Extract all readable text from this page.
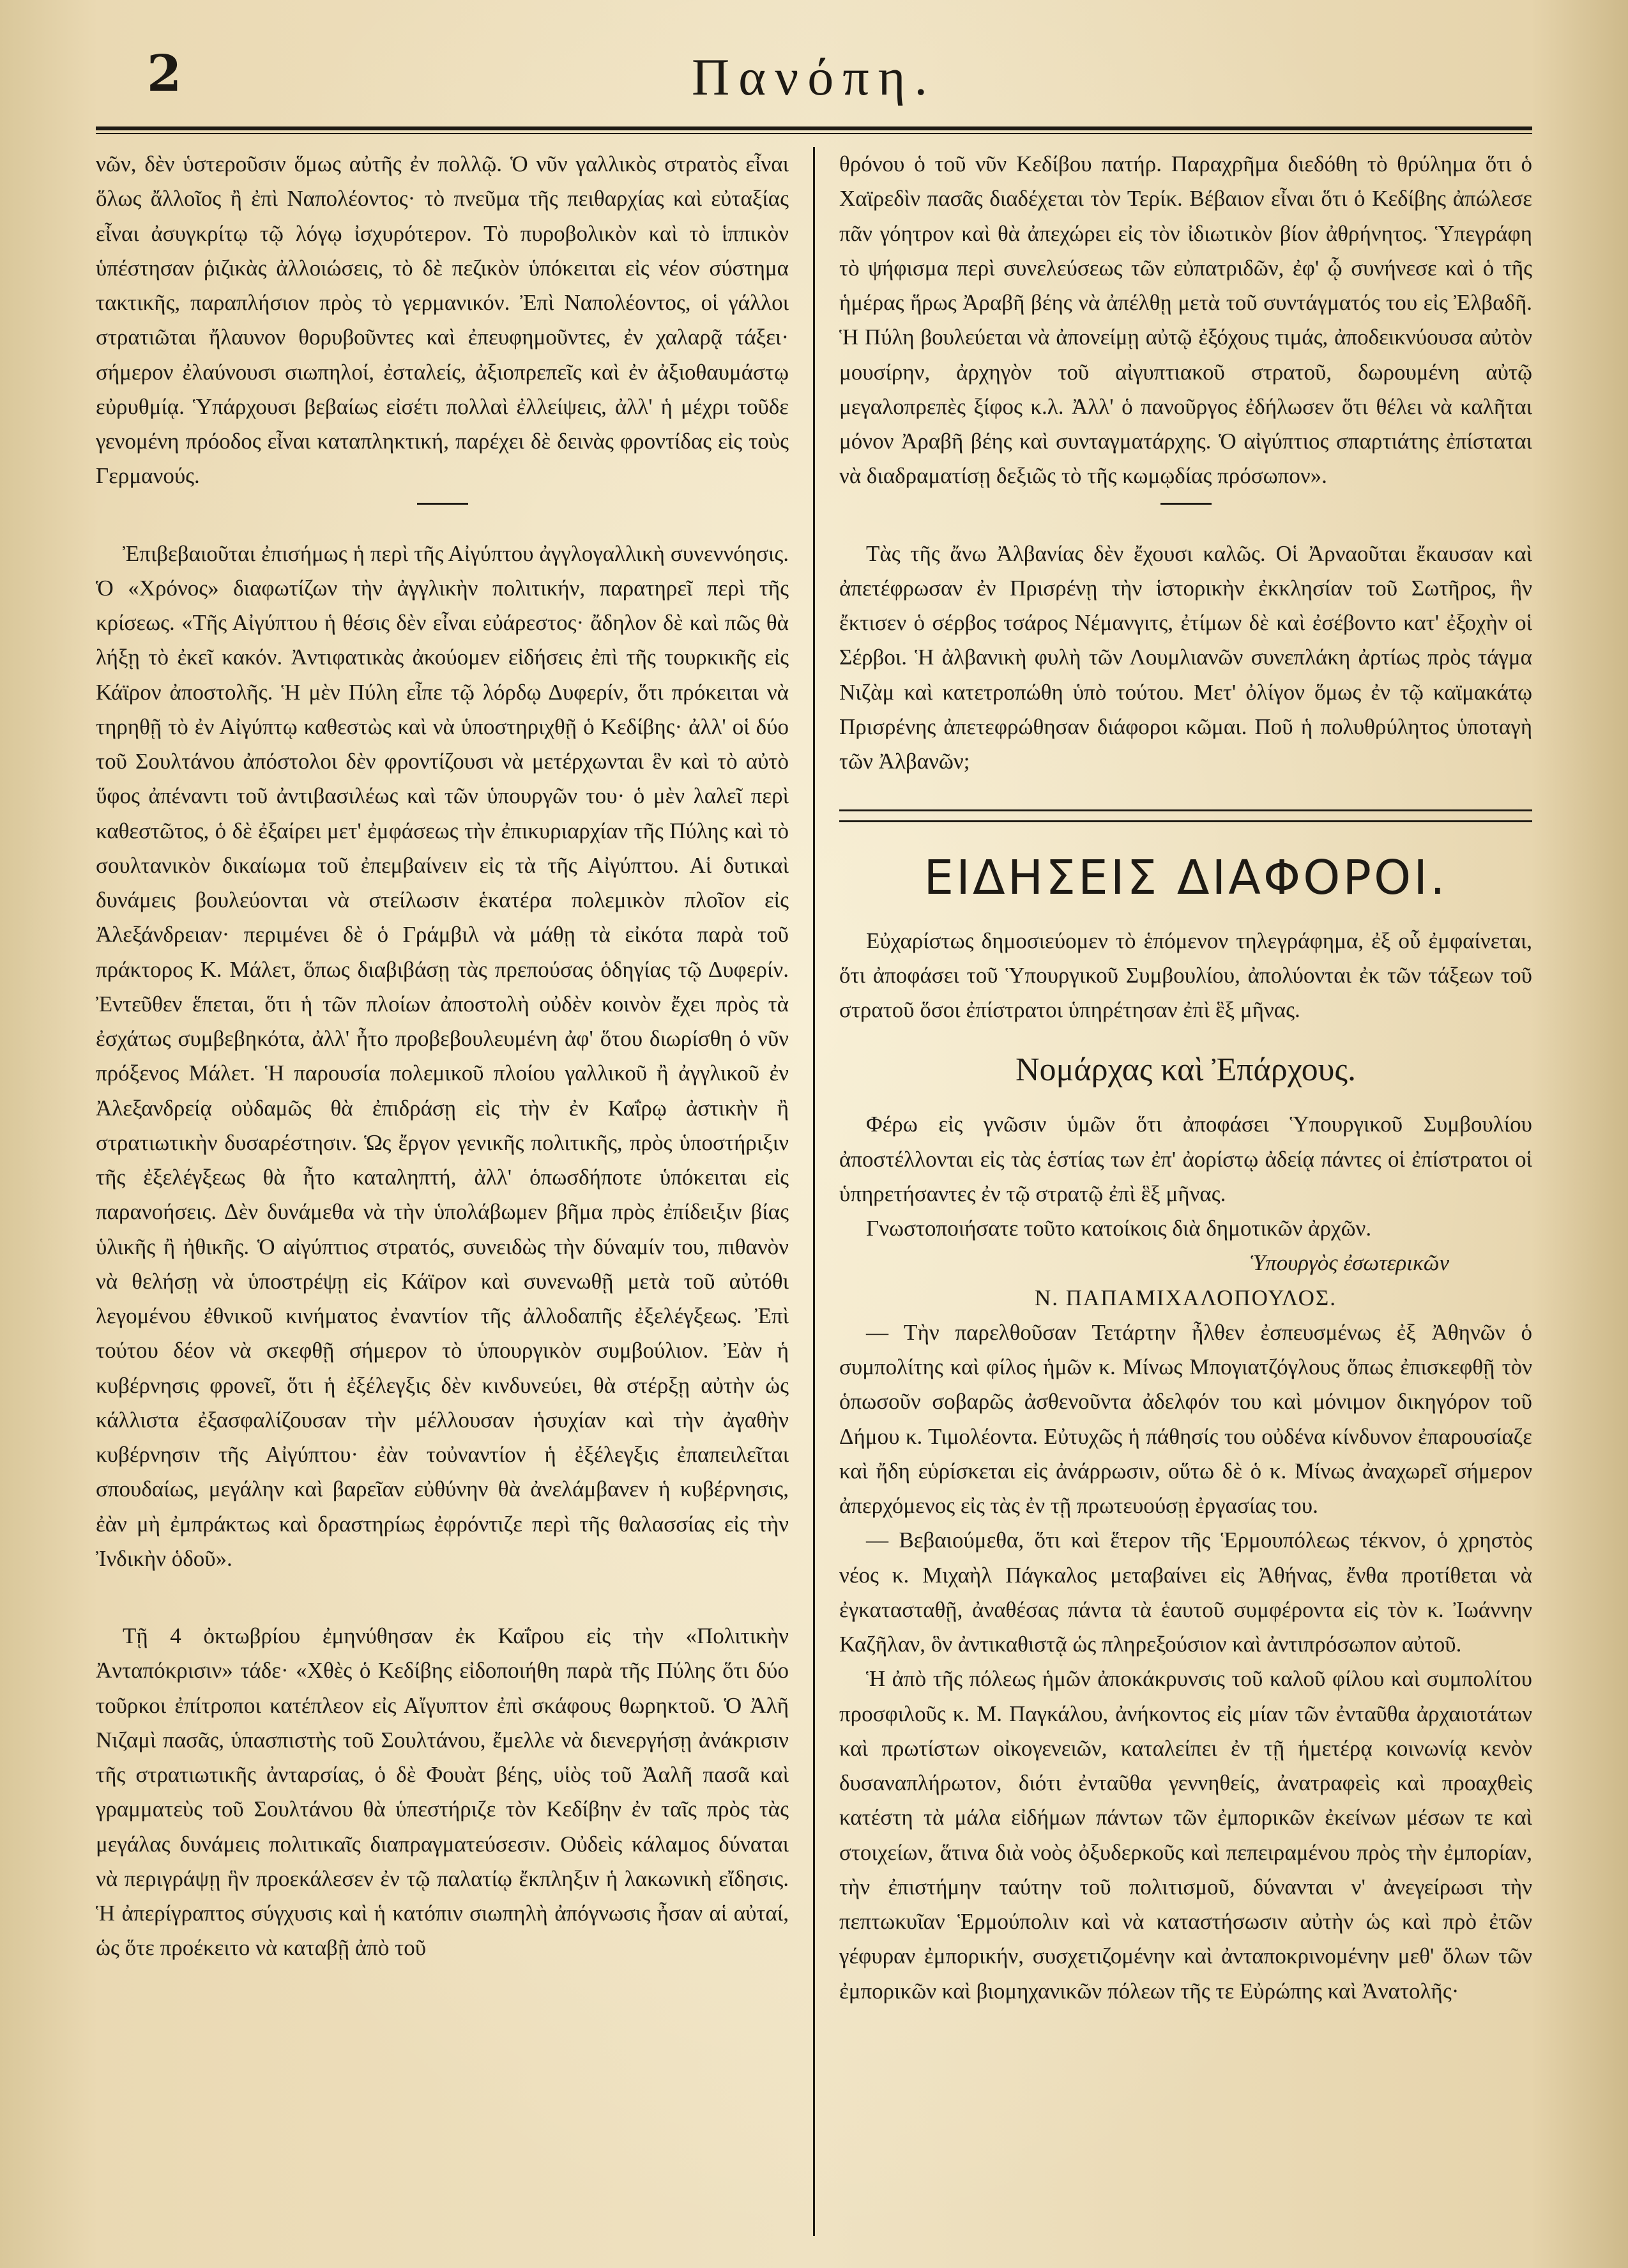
2	Πανόπη.

νῶν, δὲν ὑστεροῦσιν ὅμως αὐτῆς ἐν πολλῷ. Ὁ νῦν γαλλικὸς στρατὸς εἶναι ὅλως ἄλλοῖος ἢ ἐπὶ Ναπολέοντος· τὸ πνεῦμα τῆς πειθαρχίας καὶ εὐταξίας εἶναι ἀσυγκρίτῳ τῷ λόγῳ ἰσχυρότερον. Τὸ πυροβολικὸν καὶ τὸ ἱππικὸν ὑπέστησαν ῥιζικὰς ἀλλοιώσεις, τὸ δὲ πεζικὸν ὑπόκειται εἰς νέον σύστημα τακτικῆς, παραπλήσιον πρὸς τὸ γερμανικόν. Ἐπὶ Ναπολέοντος, οἱ γάλλοι στρατιῶται ἤλαυνον θορυβοῦντες καὶ ἐπευφημοῦντες, ἐν χαλαρᾷ τάξει· σήμερον ἐλαύνουσι σιωπηλοί, ἐσταλείς, ἀξιοπρεπεῖς καὶ ἐν ἀξιοθαυμάστῳ εὐρυθμίᾳ. Ὑπάρχουσι βεβαίως εἰσέτι πολλαὶ ἐλλείψεις, ἀλλ' ἡ μέχρι τοῦδε γενομένη πρόοδος εἶναι καταπληκτική, παρέχει δὲ δεινὰς φροντίδας εἰς τοὺς Γερμανούς.

Ἐπιβεβαιοῦται ἐπισήμως ἡ περὶ τῆς Αἰγύπτου ἀγγλογαλλικὴ συνεννόησις. Ὁ «Χρόνος» διαφωτίζων τὴν ἀγγλικὴν πολιτικήν, παρατηρεῖ περὶ τῆς κρίσεως. «Τῆς Αἰγύπτου ἡ θέσις δὲν εἶναι εὐάρεστος· ἄδηλον δὲ καὶ πῶς θὰ λήξῃ τὸ ἐκεῖ κακόν. Ἀντιφατικὰς ἀκούομεν εἰδήσεις ἐπὶ τῆς τουρκικῆς εἰς Κάϊρον ἀποστολῆς. Ἡ μὲν Πύλη εἶπε τῷ λόρδῳ Δυφερίν, ὅτι πρόκειται νὰ τηρηθῇ τὸ ἐν Αἰγύπτῳ καθεστὼς καὶ νὰ ὑποστηριχθῇ ὁ Κεδίβης· ἀλλ' οἱ δύο τοῦ Σουλτάνου ἀπόστολοι δὲν φροντίζουσι νὰ μετέρχωνται ἓν καὶ τὸ αὐτὸ ὕφος ἀπέναντι τοῦ ἀντιβασιλέως καὶ τῶν ὑπουργῶν του· ὁ μὲν λαλεῖ περὶ καθεστῶτος, ὁ δὲ ἐξαίρει μετ' ἐμφάσεως τὴν ἐπικυριαρχίαν τῆς Πύλης καὶ τὸ σουλτανικὸν δικαίωμα τοῦ ἐπεμβαίνειν εἰς τὰ τῆς Αἰγύπτου. Αἱ δυτικαὶ δυνάμεις βουλεύονται νὰ στείλωσιν ἑκατέρα πολεμικὸν πλοῖον εἰς Ἀλεξάνδρειαν· περιμένει δὲ ὁ Γράμβιλ νὰ μάθῃ τὰ εἰκότα παρὰ τοῦ πράκτορος Κ. Μάλετ, ὅπως διαβιβάσῃ τὰς πρεπούσας ὁδηγίας τῷ Δυφερίν. Ἐντεῦθεν ἕπεται, ὅτι ἡ τῶν πλοίων ἀποστολὴ οὐδὲν κοινὸν ἔχει πρὸς τὰ ἐσχάτως συμβεβηκότα, ἀλλ' ἦτο προβεβουλευμένη ἀφ' ὅτου διωρίσθη ὁ νῦν πρόξενος Μάλετ. Ἡ παρουσία πολεμικοῦ πλοίου γαλλικοῦ ἢ ἀγγλικοῦ ἐν Ἀλεξανδρείᾳ οὐδαμῶς θὰ ἐπιδράσῃ εἰς τὴν ἐν Καΐρῳ ἀστικὴν ἢ στρατιωτικὴν δυσαρέστησιν. Ὡς ἔργον γενικῆς πολιτικῆς, πρὸς ὑποστήριξιν τῆς ἐξελέγξεως θὰ ἦτο καταληπτή, ἀλλ' ὁπωσδήποτε ὑπόκειται εἰς παρανοήσεις. Δὲν δυνάμεθα νὰ τὴν ὑπολάβωμεν βῆμα πρὸς ἐπίδειξιν βίας ὑλικῆς ἢ ἠθικῆς. Ὁ αἰγύπτιος στρατός, συνειδὼς τὴν δύναμίν του, πιθανὸν νὰ θελήσῃ νὰ ὑποστρέψῃ εἰς Κάϊρον καὶ συνενωθῇ μετὰ τοῦ αὐτόθι λεγομένου ἐθνικοῦ κινήματος ἐναντίον τῆς ἀλλοδαπῆς ἐξελέγξεως. Ἐπὶ τούτου δέον νὰ σκεφθῇ σήμερον τὸ ὑπουργικὸν συμβούλιον. Ἐὰν ἡ κυβέρνησις φρονεῖ, ὅτι ἡ ἐξέλεγξις δὲν κινδυνεύει, θὰ στέρξῃ αὐτὴν ὡς κάλλιστα ἐξασφαλίζουσαν τὴν μέλλουσαν ἡσυχίαν καὶ τὴν ἀγαθὴν κυβέρνησιν τῆς Αἰγύπτου· ἐὰν τοὐναντίον ἡ ἐξέλεγξις ἐπαπειλεῖται σπουδαίως, μεγάλην καὶ βαρεῖαν εὐθύνην θὰ ἀνελάμβανεν ἡ κυβέρνησις, ἐὰν μὴ ἐμπράκτως καὶ δραστηρίως ἐφρόντιζε περὶ τῆς θαλασσίας εἰς τὴν Ἰνδικὴν ὁδοῦ».

Τῇ 4 ὀκτωβρίου ἐμηνύθησαν ἐκ Καΐρου εἰς τὴν «Πολιτικὴν Ἀνταπόκρισιν» τάδε· «Χθὲς ὁ Κεδίβης εἰδοποιήθη παρὰ τῆς Πύλης ὅτι δύο τοῦρκοι ἐπίτροποι κατέπλεον εἰς Αἴγυπτον ἐπὶ σκάφους θωρηκτοῦ. Ὁ Ἀλῆ Νιζαμὶ πασᾶς, ὑπασπιστὴς τοῦ Σουλτάνου, ἔμελλε νὰ διενεργήσῃ ἀνάκρισιν τῆς στρατιωτικῆς ἀνταρσίας, ὁ δὲ Φουὰτ βέης, υἱὸς τοῦ Ἀαλῆ πασᾶ καὶ γραμματεὺς τοῦ Σουλτάνου θὰ ὑπεστήριζε τὸν Κεδίβην ἐν ταῖς πρὸς τὰς μεγάλας δυνάμεις πολιτικαῖς διαπραγματεύσεσιν. Οὐδεὶς κάλαμος δύναται νὰ περιγράψῃ ἣν προεκάλεσεν ἐν τῷ παλατίῳ ἔκπληξιν ἡ λακωνικὴ εἴδησις. Ἡ ἀπερίγραπτος σύγχυσις καὶ ἡ κατόπιν σιωπηλὴ ἀπόγνωσις ἦσαν αἱ αὐταί, ὡς ὅτε προέκειτο νὰ καταβῇ ἀπὸ τοῦ

θρόνου ὁ τοῦ νῦν Κεδίβου πατήρ. Παραχρῆμα διεδόθη τὸ θρύλημα ὅτι ὁ Χαϊρεδὶν πασᾶς διαδέχεται τὸν Τερίκ. Βέβαιον εἶναι ὅτι ὁ Κεδίβης ἀπώλεσε πᾶν γόητρον καὶ θὰ ἀπεχώρει εἰς τὸν ἰδιωτικὸν βίον ἀθρήνητος. Ὑπεγράφη τὸ ψήφισμα περὶ συνελεύσεως τῶν εὐπατριδῶν, ἐφ' ᾧ συνήνεσε καὶ ὁ τῆς ἡμέρας ἥρως Ἀραβῆ βέης νὰ ἀπέλθῃ μετὰ τοῦ συντάγματός του εἰς Ἐλβαδῆ. Ἡ Πύλη βουλεύεται νὰ ἀπονείμῃ αὐτῷ ἐξόχους τιμάς, ἀποδεικνύουσα αὐτὸν μουσίρην, ἀρχηγὸν τοῦ αἰγυπτιακοῦ στρατοῦ, δωρουμένη αὐτῷ μεγαλοπρεπὲς ξίφος κ.λ. Ἀλλ' ὁ πανοῦργος ἐδήλωσεν ὅτι θέλει νὰ καλῆται μόνον Ἀραβῆ βέης καὶ συνταγματάρχης. Ὁ αἰγύπτιος σπαρτιάτης ἐπίσταται νὰ διαδραματίσῃ δεξιῶς τὸ τῆς κωμῳδίας πρόσωπον».

Τὰς τῆς ἄνω Ἀλβανίας δὲν ἔχουσι καλῶς. Οἱ Ἀρναοῦται ἔκαυσαν καὶ ἀπετέφρωσαν ἐν Πρισρένῃ τὴν ἱστορικὴν ἐκκλησίαν τοῦ Σωτῆρος, ἣν ἔκτισεν ὁ σέρβος τσάρος Νέμανγιτς, ἐτίμων δὲ καὶ ἐσέβοντο κατ' ἐξοχὴν οἱ Σέρβοι. Ἡ ἀλβανικὴ φυλὴ τῶν Λουμλιανῶν συνεπλάκη ἀρτίως πρὸς τάγμα Νιζὰμ καὶ κατετροπώθη ὑπὸ τούτου. Μετ' ὀλίγον ὅμως ἐν τῷ καϊμακάτῳ Πρισρένης ἀπετεφρώθησαν διάφοροι κῶμαι. Ποῦ ἡ πολυθρύλητος ὑποταγὴ τῶν Ἀλβανῶν;

ΕΙΔΗΣΕΙΣ ΔΙΑΦΟΡΟΙ.

Εὐχαρίστως δημοσιεύομεν τὸ ἑπόμενον τηλεγράφημα, ἐξ οὗ ἐμφαίνεται, ὅτι ἀποφάσει τοῦ Ὑπουργικοῦ Συμβουλίου, ἀπολύονται ἐκ τῶν τάξεων τοῦ στρατοῦ ὅσοι ἐπίστρατοι ὑπηρέτησαν ἐπὶ ἓξ μῆνας.

Νομάρχας καὶ Ἐπάρχους.

Φέρω εἰς γνῶσιν ὑμῶν ὅτι ἀποφάσει Ὑπουργικοῦ Συμβουλίου ἀποστέλλονται εἰς τὰς ἑστίας των ἐπ' ἀορίστῳ ἀδείᾳ πάντες οἱ ἐπίστρατοι οἱ ὑπηρετήσαντες ἐν τῷ στρατῷ ἐπὶ ἓξ μῆνας.

Γνωστοποιήσατε τοῦτο κατοίκοις διὰ δημοτικῶν ἀρχῶν.

Ὑπουργὸς ἐσωτερικῶν
Ν. ΠΑΠΑΜΙΧΑΛΟΠΟΥΛΟΣ.

— Τὴν παρελθοῦσαν Τετάρτην ἦλθεν ἐσπευσμένως ἐξ Ἀθηνῶν ὁ συμπολίτης καὶ φίλος ἡμῶν κ. Μίνως Μπογιατζόγλους ὅπως ἐπισκεφθῇ τὸν ὁπωσοῦν σοβαρῶς ἀσθενοῦντα ἀδελφόν του καὶ μόνιμον δικηγόρον τοῦ Δήμου κ. Τιμολέοντα. Εὐτυχῶς ἡ πάθησίς του οὐδένα κίνδυνον ἐπαρουσίαζε καὶ ἤδη εὑρίσκεται εἰς ἀνάρρωσιν, οὕτω δὲ ὁ κ. Μίνως ἀναχωρεῖ σήμερον ἀπερχόμενος εἰς τὰς ἐν τῇ πρωτευούσῃ ἐργασίας του.

— Βεβαιούμεθα, ὅτι καὶ ἕτερον τῆς Ἑρμουπόλεως τέκνον, ὁ χρηστὸς νέος κ. Μιχαὴλ Πάγκαλος μεταβαίνει εἰς Ἀθήνας, ἔνθα προτίθεται νὰ ἐγκατασταθῇ, ἀναθέσας πάντα τὰ ἑαυτοῦ συμφέροντα εἰς τὸν κ. Ἰωάννην Καζῆλαν, ὃν ἀντικαθιστᾷ ὡς πληρεξούσιον καὶ ἀντιπρόσωπον αὐτοῦ.

Ἡ ἀπὸ τῆς πόλεως ἡμῶν ἀποκάκρυνσις τοῦ καλοῦ φίλου καὶ συμπολίτου προσφιλοῦς κ. Μ. Παγκάλου, ἀνήκοντος εἰς μίαν τῶν ἐνταῦθα ἀρχαιοτάτων καὶ πρωτίστων οἰκογενειῶν, καταλείπει ἐν τῇ ἡμετέρᾳ κοινωνίᾳ κενὸν δυσαναπλήρωτον, διότι ἐνταῦθα γεννηθείς, ἀνατραφεὶς καὶ προαχθεὶς κατέστη τὰ μάλα εἰδήμων πάντων τῶν ἐμπορικῶν ἐκείνων μέσων τε καὶ στοιχείων, ἅτινα διὰ νοὸς ὀξυδερκοῦς καὶ πεπειραμένου πρὸς τὴν ἐμπορίαν, τὴν ἐπιστήμην ταύτην τοῦ πολιτισμοῦ, δύνανται ν' ἀνεγείρωσι τὴν πεπτωκυῖαν Ἑρμούπολιν καὶ νὰ καταστήσωσιν αὐτὴν ὡς καὶ πρὸ ἐτῶν γέφυραν ἐμπορικήν, συσχετιζομένην καὶ ἀνταποκρινομένην μεθ' ὅλων τῶν ἐμπορικῶν καὶ βιομηχανικῶν πόλεων τῆς τε Εὐρώπης καὶ Ἀνατολῆς·
